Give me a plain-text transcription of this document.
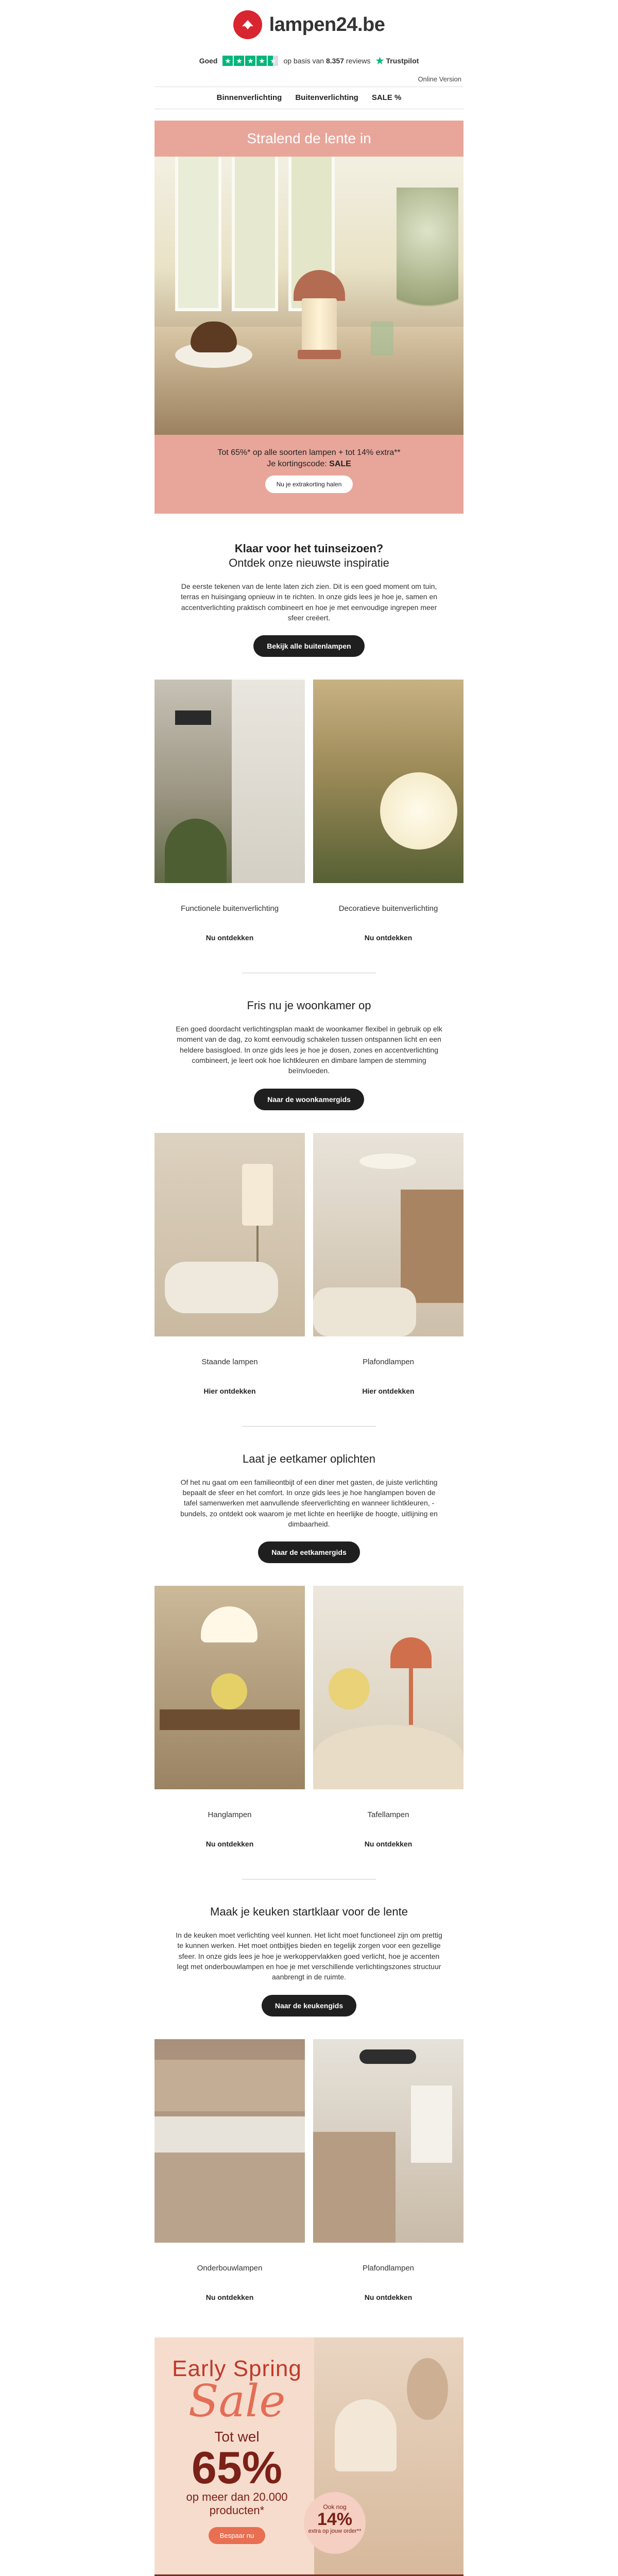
lampen24.be
Goed ★ ★ ★ ★ ★ op basis van 8.357 reviews ★ Trustpilot
Online Version
Binnenverlichting Buitenverlichting SALE %
Stralend de lente in
Tot 65%* op alle soorten lampen + tot 14% extra**
Je kortingscode: SALE
Nu je extrakorting halen
Klaar voor het tuinseizoen?
Ontdek onze nieuwste inspiratie

De eerste tekenen van de lente laten zich zien. Dit is een goed moment om tuin, terras en huisingang opnieuw in te richten. In onze gids lees je hoe je, samen en accentverlichting praktisch combineert en hoe je met eenvoudige ingrepen meer sfeer creëert.

Bekijk alle buitenlampen
Functionele buitenverlichting
Nu ontdekken
Decoratieve buitenverlichting
Nu ontdekken
Fris nu je woonkamer op

Een goed doordacht verlichtingsplan maakt de woonkamer flexibel in gebruik op elk moment van de dag, zo komt eenvoudig schakelen tussen ontspannen licht en een heldere basisgloed. In onze gids lees je hoe je dosen, zones en accentverlichting combineert, je leert ook hoe lichtkleuren en dimbare lampen de stemming beïnvloeden.

Naar de woonkamergids
Staande lampen
Hier ontdekken
Plafondlampen
Hier ontdekken
Laat je eetkamer oplichten

Of het nu gaat om een familieontbijt of een diner met gasten, de juiste verlichting bepaalt de sfeer en het comfort. In onze gids lees je hoe hanglampen boven de tafel samenwerken met aanvullende sfeerverlichting en wanneer lichtkleuren, -bundels, zo ontdekt ook waarom je met lichte en heerlijke de hoogte, uitlijning en dimbaarheid.

Naar de eetkamergids
Hanglampen
Nu ontdekken
Tafellampen
Nu ontdekken
Maak je keuken startklaar voor de lente

In de keuken moet verlichting veel kunnen. Het licht moet functioneel zijn om prettig te kunnen werken. Het moet ontbijtjes bieden en tegelijk zorgen voor een gezellige sfeer. In onze gids lees je hoe je werkoppervlakken goed verlicht, hoe je accenten legt met onderbouwlampen en hoe je met verschillende verlichtingszones structuur aanbrengt in de ruimte.

Naar de keukengids
Onderbouwlampen
Nu ontdekken
Plafondlampen
Nu ontdekken
Early Spring
Sale
Tot wel
65%
op meer dan 20.000
producten*
Bespaar nu
Ook nog
14%
extra op jouw order**
